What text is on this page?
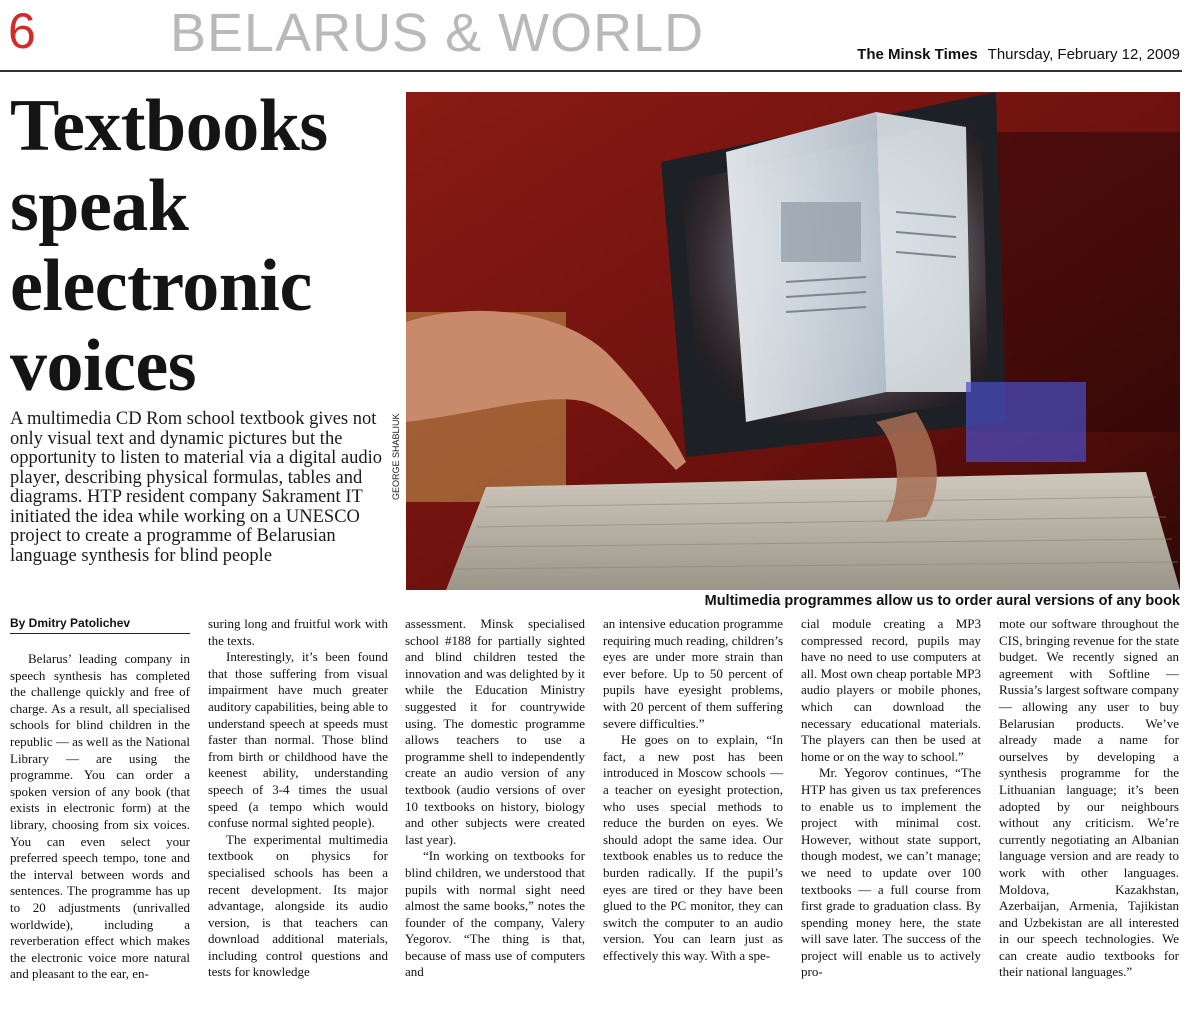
6 BELARUS & WORLD	The Minsk Times Thursday, February 12, 2009
Textbooks
speak
electronic
voices
A multimedia CD Rom school textbook gives not only visual text and dynamic pictures but the opportunity to listen to material via a digital audio player, describing physical formulas, tables and diagrams. HTP resident company Sakrament IT initiated the idea while working on a UNESCO project to create a programme of Belarusian language synthesis for blind people
GEORGE SHABLIUK
Multimedia programmes allow us to order aural versions of any book
By Dmitry Patolichev

Belarus’ leading company in speech synthesis has completed the challenge quickly and free of charge. As a result, all specialised schools for blind children in the republic — as well as the National Library — are using the programme. You can order a spoken version of any book (that exists in electronic form) at the library, choosing from six voices. You can even select your preferred speech tempo, tone and the interval between words and sentences. The programme has up to 20 adjustments (unrivalled worldwide), including a reverberation effect which makes the electronic voice more natural and pleasant to the ear, en-

suring long and fruitful work with the texts.

Interestingly, it’s been found that those suffering from visual impairment have much greater auditory capabilities, being able to understand speech at speeds must faster than normal. Those blind from birth or childhood have the keenest ability, understanding speech of 3-4 times the usual speed (a tempo which would confuse normal sighted people).

The experimental multimedia textbook on physics for specialised schools has been a recent development. Its major advantage, alongside its audio version, is that teachers can download additional materials, including control questions and tests for knowledge

assessment. Minsk specialised school #188 for partially sighted and blind children tested the innovation and was delighted by it while the Education Ministry suggested it for countrywide using. The domestic programme allows teachers to use a programme shell to independently create an audio version of any textbook (audio versions of over 10 textbooks on history, biology and other subjects were created last year).

“In working on textbooks for blind children, we understood that pupils with normal sight need almost the same books,” notes the founder of the company, Valery Yegorov. “The thing is that, because of mass use of computers and

an intensive education programme requiring much reading, children’s eyes are under more strain than ever before. Up to 50 percent of pupils have eyesight problems, with 20 percent of them suffering severe difficulties.”

He goes on to explain, “In fact, a new post has been introduced in Moscow schools — a teacher on eyesight protection, who uses special methods to reduce the burden on eyes. We should adopt the same idea. Our textbook enables us to reduce the burden radically. If the pupil’s eyes are tired or they have been glued to the PC monitor, they can switch the computer to an audio version. You can learn just as effectively this way. With a spe-

cial module creating a MP3 compressed record, pupils may have no need to use computers at all. Most own cheap portable MP3 audio players or mobile phones, which can download the necessary educational materials. The players can then be used at home or on the way to school.”

Mr. Yegorov continues, “The HTP has given us tax preferences to enable us to implement the project with minimal cost. However, without state support, though modest, we can’t manage; we need to update over 100 textbooks — a full course from first grade to graduation class. By spending money here, the state will save later. The success of the project will enable us to actively pro-

mote our software throughout the CIS, bringing revenue for the state budget. We recently signed an agreement with Softline — Russia’s largest software company — allowing any user to buy Belarusian products. We’ve already made a name for ourselves by developing a synthesis programme for the Lithuanian language; it’s been adopted by our neighbours without any criticism. We’re currently negotiating an Albanian language version and are ready to work with other languages. Moldova, Kazakhstan, Azerbaijan, Armenia, Tajikistan and Uzbekistan are all interested in our speech technologies. We can create audio textbooks for their national languages.”
